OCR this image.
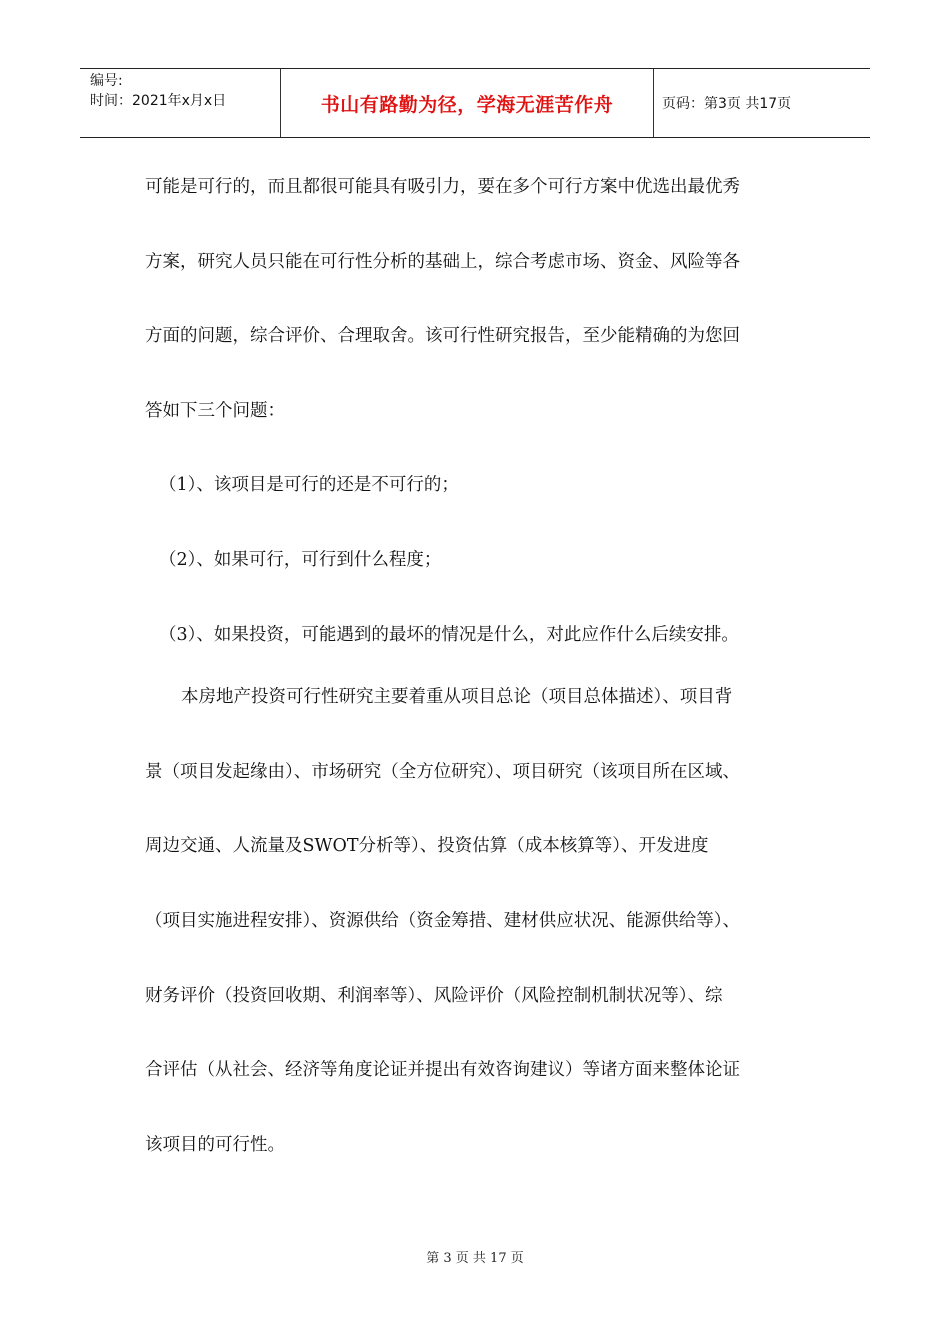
编号:
时间：2021年x月x日	书山有路勤为径，学海无涯苦作舟	页码：第3页 共17页
可能是可行的，而且都很可能具有吸引力，要在多个可行方案中优选出最优秀
方案，研究人员只能在可行性分析的基础上，综合考虑市场、资金、风险等各
方面的问题，综合评价、合理取舍。该可行性研究报告，至少能精确的为您回
答如下三个问题：
（1）、该项目是可行的还是不可行的；
（2）、如果可行，可行到什么程度；
（3）、如果投资，可能遇到的最坏的情况是什么，对此应作什么后续安排。
本房地产投资可行性研究主要着重从项目总论（项目总体描述）、项目背
景（项目发起缘由）、市场研究（全方位研究）、项目研究（该项目所在区域、
周边交通、人流量及SWOT分析等）、投资估算（成本核算等）、开发进度
（项目实施进程安排）、资源供给（资金筹措、建材供应状况、能源供给等）、
财务评价（投资回收期、利润率等）、风险评价（风险控制机制状况等）、综
合评估（从社会、经济等角度论证并提出有效咨询建议）等诸方面来整体论证
该项目的可行性。
第 3 页 共 17 页
